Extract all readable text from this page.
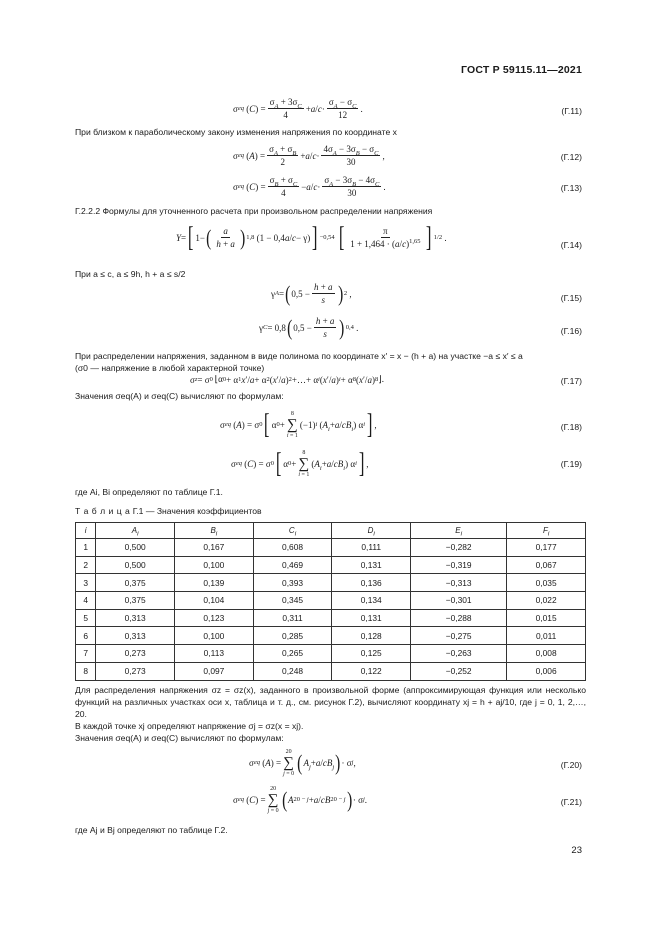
ГОСТ Р 59115.11—2021
σ eq ( C ) = $\frac{\sigma_A + 3\sigma_C}{4} + a / c \cdot \frac{\sigma_A - \sigma_C}{12}$ .	(Г.11)
При близком к параболическому закону изменения напряжения по координате x
σ eq ( A ) = $\frac{\sigma_A + \sigma_B}{2} + a / c \cdot \frac{4\sigma_A - 3\sigma_B - \sigma_C}{30}$ ,	(Г.12)
σ eq ( C ) = $\frac{\sigma_B + \sigma_C}{4} - a / c \cdot \frac{\sigma_A - 3\sigma_B - 4\sigma_C}{30}$ .	(Г.13)
Г.2.2.2 Формулы для уточненного расчета при произвольном распределении напряжения
Y = [ 1− ( $\frac{a}{h + a}$ ) 1,8 (1 − 0,4 a / c − γ) ] −0,54
[ $\frac{\pi}{1 + 1,464 \cdot (a/c)^{1,65}}$ ] 1/2 .
(Г.14)
При a ≤ c, a ≤ 9h, h + a ≤ s/2
γ A = ( $0,5 - \frac{h + a}{s}$ ) 2 ,	(Г.15)
γ C = 0,8 ( $0,5 - \frac{h + a}{s}$ ) 0,4 .	(Г.16)
При распределении напряжения, заданном в виде полинома по координате x′ = x − (h + a) на участке −a ≤ x′ ≤ a
(σ0 — напряжение в любой характерной точке)
σ z = σ 0  ⌊α 0 + α 1 x ′/ a + α 2 ( x ′/ a ) 2 +…+ α i ( x ′/ a ) i + α 8 ( x ′/ a ) 8 ⌋.	(Г.17)
Значения σeq(A) и σeq(C) вычисляют по формулам:
σ eq ( A ) = σ 0 [ α 0 +
8
∑
i = 1
(−1) i ( $A_i + a / c$ $B_i$ ) α i ] ,	(Г.18)
σ eq ( C ) = σ 0 [ α 0 +
8
∑
i = 1
( $A_i + a / c$ $B_i$ ) α i ] ,	(Г.19)
где Ai, Bi определяют по таблице Г.1.
Т а б л и ц а Г.1 — Значения коэффициентов
i	$A_i$	$B_i$	$C_i$	$D_i$	$E_i$	$F_i$
1	0,500	0,167	0,608	0,111	−0,282	0,177
2	0,500	0,100	0,469	0,131	−0,319	0,067
3	0,375	0,139	0,393	0,136	−0,313	0,035
4	0,375	0,104	0,345	0,134	−0,301	0,022
5	0,313	0,123	0,311	0,131	−0,288	0,015
6	0,313	0,100	0,285	0,128	−0,275	0,011
7	0,273	0,113	0,265	0,125	−0,263	0,008
8	0,273	0,097	0,248	0,122	−0,252	0,006
Для распределения напряжения σz = σz(x), заданного в произвольной форме (аппроксимирующая функция или несколько функций на различных участках оси x, таблица и т. д., см. рисунок Г.2), вычисляют координату xj = h + aj/10, где j = 0, 1, 2,…, 20.
В каждой точке xj определяют напряжение σj = σz(x = xj).
Значения σeq(A) и σeq(C) вычисляют по формулам:
σ eq ( A ) =
20
∑
j = 0 ( $A_j + a / c$ $B_j$ ) · σ j ,	(Г.20)
σ eq ( C ) =
20
∑
j = 0 ( A 20 − j + a / c B 20 − j ) · σ j .	(Г.21)
где Aj и Bj определяют по таблице Г.2.
23
